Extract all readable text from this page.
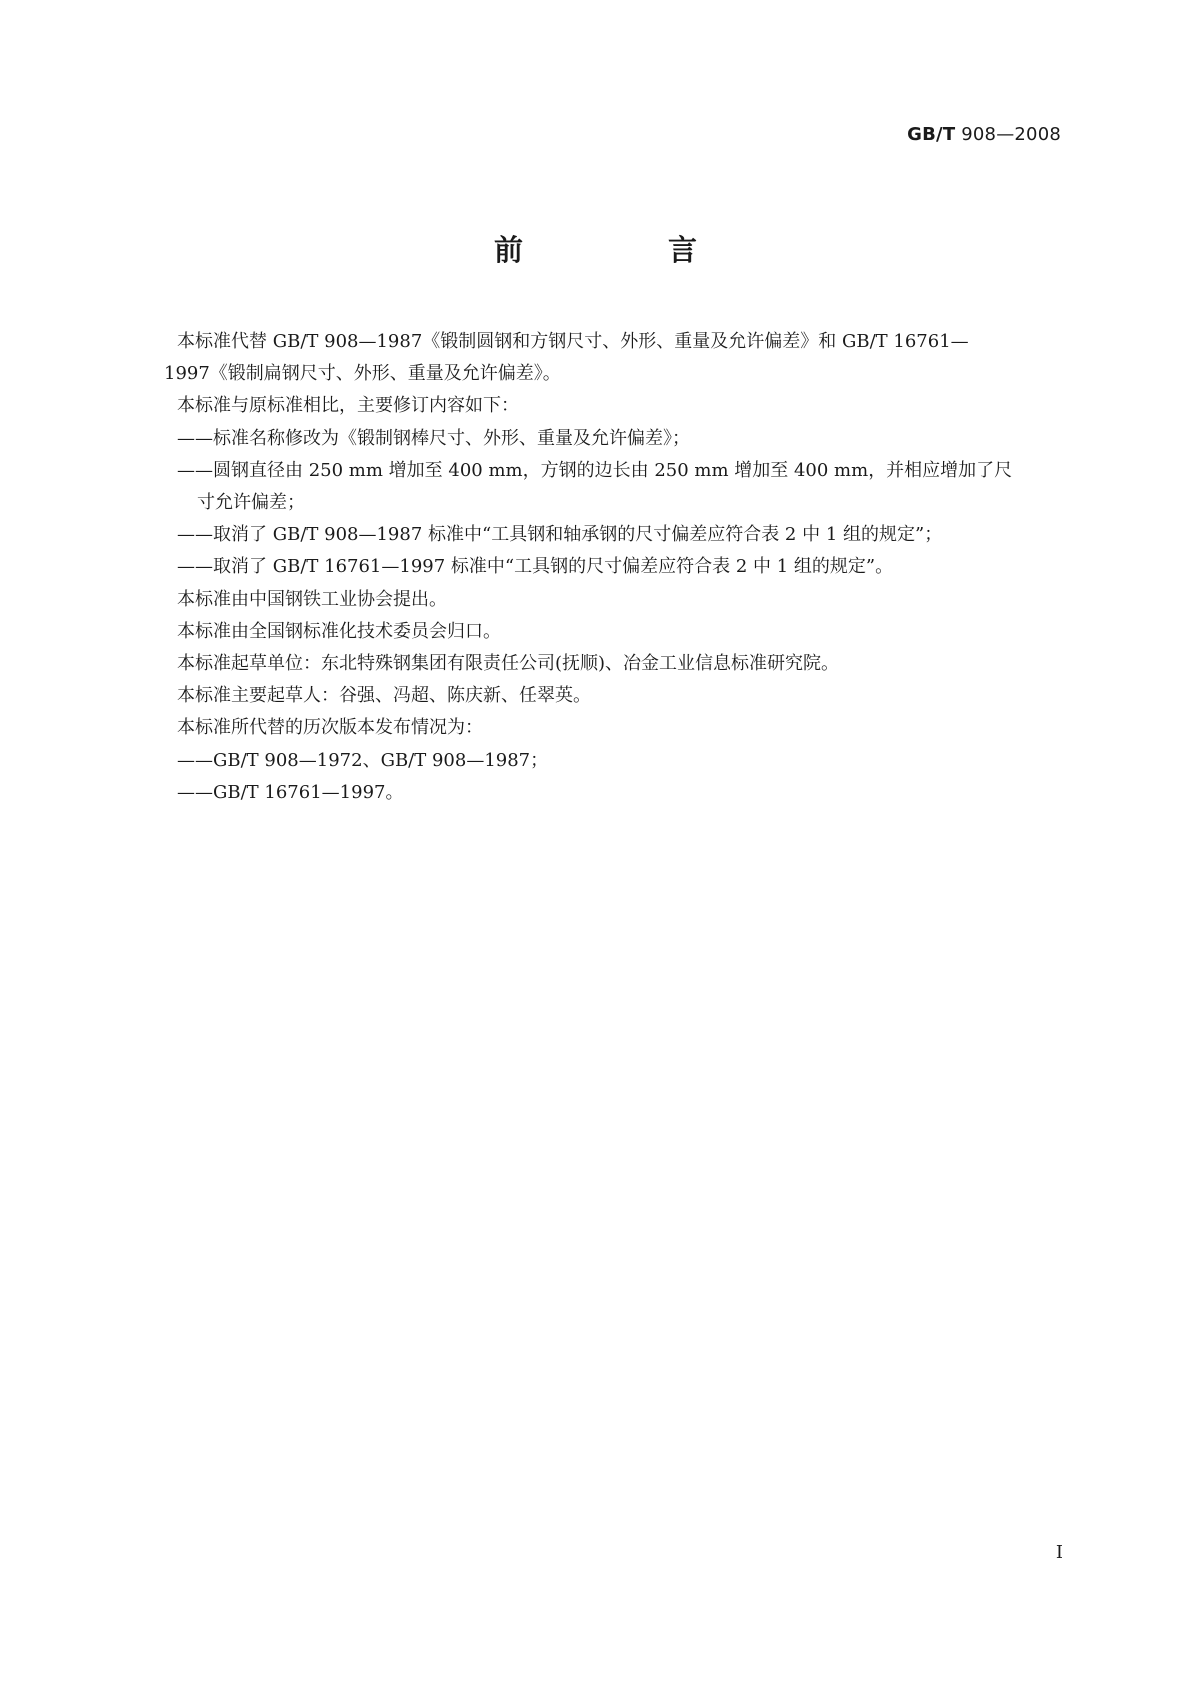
GB/T 908—2008
前　言

本标准代替 GB/T 908—1987《锻制圆钢和方钢尺寸、外形、重量及允许偏差》和 GB/T 16761—

1997《锻制扁钢尺寸、外形、重量及允许偏差》。

本标准与原标准相比，主要修订内容如下：

——标准名称修改为《锻制钢棒尺寸、外形、重量及允许偏差》；

——圆钢直径由 250 mm 增加至 400 mm，方钢的边长由 250 mm 增加至 400 mm，并相应增加了尺

寸允许偏差；

——取消了 GB/T 908—1987 标准中“工具钢和轴承钢的尺寸偏差应符合表 2 中 1 组的规定”；

——取消了 GB/T 16761—1997 标准中“工具钢的尺寸偏差应符合表 2 中 1 组的规定”。

本标准由中国钢铁工业协会提出。

本标准由全国钢标准化技术委员会归口。

本标准起草单位：东北特殊钢集团有限责任公司(抚顺)、冶金工业信息标准研究院。

本标准主要起草人：谷强、冯超、陈庆新、任翠英。

本标准所代替的历次版本发布情况为：

——GB/T 908—1972、GB/T 908—1987；

——GB/T 16761—1997。

I
